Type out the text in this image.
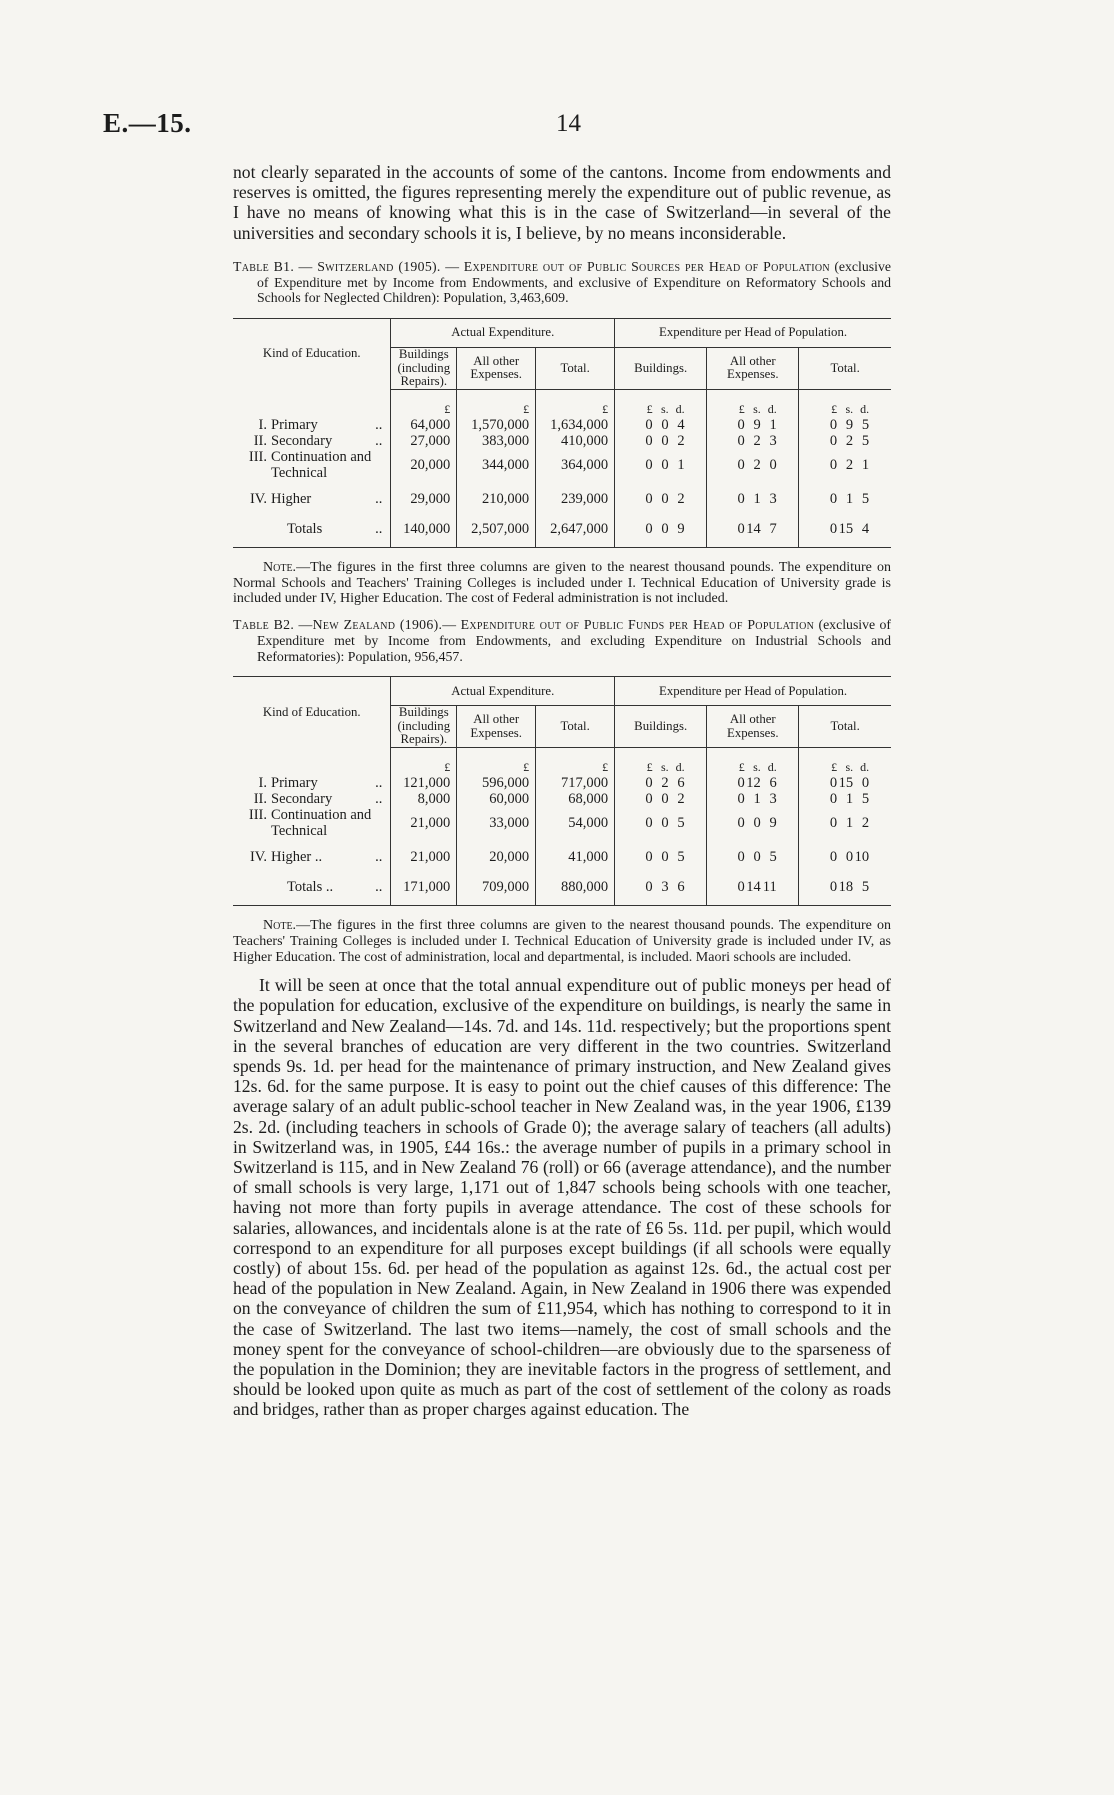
E.—15.	14

not clearly separated in the accounts of some of the cantons. Income from endowments and reserves is omitted, the figures representing merely the expenditure out of public revenue, as I have no means of knowing what this is in the case of Switzerland—in several of the universities and secondary schools it is, I believe, by no means inconsiderable.

Table B1. — Switzerland (1905). — Expenditure out of Public Sources per Head of Population (exclusive of Expenditure met by Income from Endowments, and exclusive of Expenditure on Reformatory Schools and Schools for Neglected Children): Population, 3,463,609.

Kind of Education.	Actual Expenditure.			Expenditure per Head of Population.		
	Buildings (including Repairs).	All other Expenses.	Total.	Buildings.	All other Expenses.	Total.
	£	£	£	£ s. d.	£ s. d.	£ s. d.
I. Primary ..	64,000	1,570,000	1,634,000	0 0 4	0 9 1	0 9 5
II. Secondary ..	27,000	383,000	410,000	0 0 2	0 2 3	0 2 5
III. Continuation and Technical	20,000	344,000	364,000	0 0 1	0 2 0	0 2 1
IV. Higher ..	29,000	210,000	239,000	0 0 2	0 1 3	0 1 5
Totals ..	140,000	2,507,000	2,647,000	0 0 9	0 14 7	0 15 4

Note.—The figures in the first three columns are given to the nearest thousand pounds. The expenditure on Normal Schools and Teachers' Training Colleges is included under I. Technical Education of University grade is included under IV, Higher Education. The cost of Federal administration is not included.

Table B2. —New Zealand (1906).— Expenditure out of Public Funds per Head of Population (exclusive of Expenditure met by Income from Endowments, and excluding Expenditure on Industrial Schools and Reformatories): Population, 956,457.

Kind of Education.	Actual Expenditure.			Expenditure per Head of Population.		
	Buildings (including Repairs).	All other Expenses.	Total.	Buildings.	All other Expenses.	Total.
	£	£	£	£ s. d.	£ s. d.	£ s. d.
I. Primary ..	121,000	596,000	717,000	0 2 6	0 12 6	0 15 0
II. Secondary ..	8,000	60,000	68,000	0 0 2	0 1 3	0 1 5
III. Continuation and Technical	21,000	33,000	54,000	0 0 5	0 0 9	0 1 2
IV. Higher .. ..	21,000	20,000	41,000	0 0 5	0 0 5	0 0 10
Totals .. ..	171,000	709,000	880,000	0 3 6	0 14 11	0 18 5

Note.—The figures in the first three columns are given to the nearest thousand pounds. The expenditure on Teachers' Training Colleges is included under I. Technical Education of University grade is included under IV, as Higher Education. The cost of administration, local and departmental, is included. Maori schools are included.

It will be seen at once that the total annual expenditure out of public moneys per head of the population for education, exclusive of the expenditure on buildings, is nearly the same in Switzerland and New Zealand—14s. 7d. and 14s. 11d. respectively; but the proportions spent in the several branches of education are very different in the two countries. Switzerland spends 9s. 1d. per head for the maintenance of primary instruction, and New Zealand gives 12s. 6d. for the same purpose. It is easy to point out the chief causes of this difference: The average salary of an adult public-school teacher in New Zealand was, in the year 1906, £139 2s. 2d. (including teachers in schools of Grade 0); the average salary of teachers (all adults) in Switzerland was, in 1905, £44 16s.: the average number of pupils in a primary school in Switzerland is 115, and in New Zealand 76 (roll) or 66 (average attendance), and the number of small schools is very large, 1,171 out of 1,847 schools being schools with one teacher, having not more than forty pupils in average attendance. The cost of these schools for salaries, allowances, and incidentals alone is at the rate of £6 5s. 11d. per pupil, which would correspond to an expenditure for all purposes except buildings (if all schools were equally costly) of about 15s. 6d. per head of the population as against 12s. 6d., the actual cost per head of the population in New Zealand. Again, in New Zealand in 1906 there was expended on the conveyance of children the sum of £11,954, which has nothing to correspond to it in the case of Switzerland. The last two items—namely, the cost of small schools and the money spent for the conveyance of school-children—are obviously due to the sparseness of the population in the Dominion; they are inevitable factors in the progress of settlement, and should be looked upon quite as much as part of the cost of settlement of the colony as roads and bridges, rather than as proper charges against education. The
